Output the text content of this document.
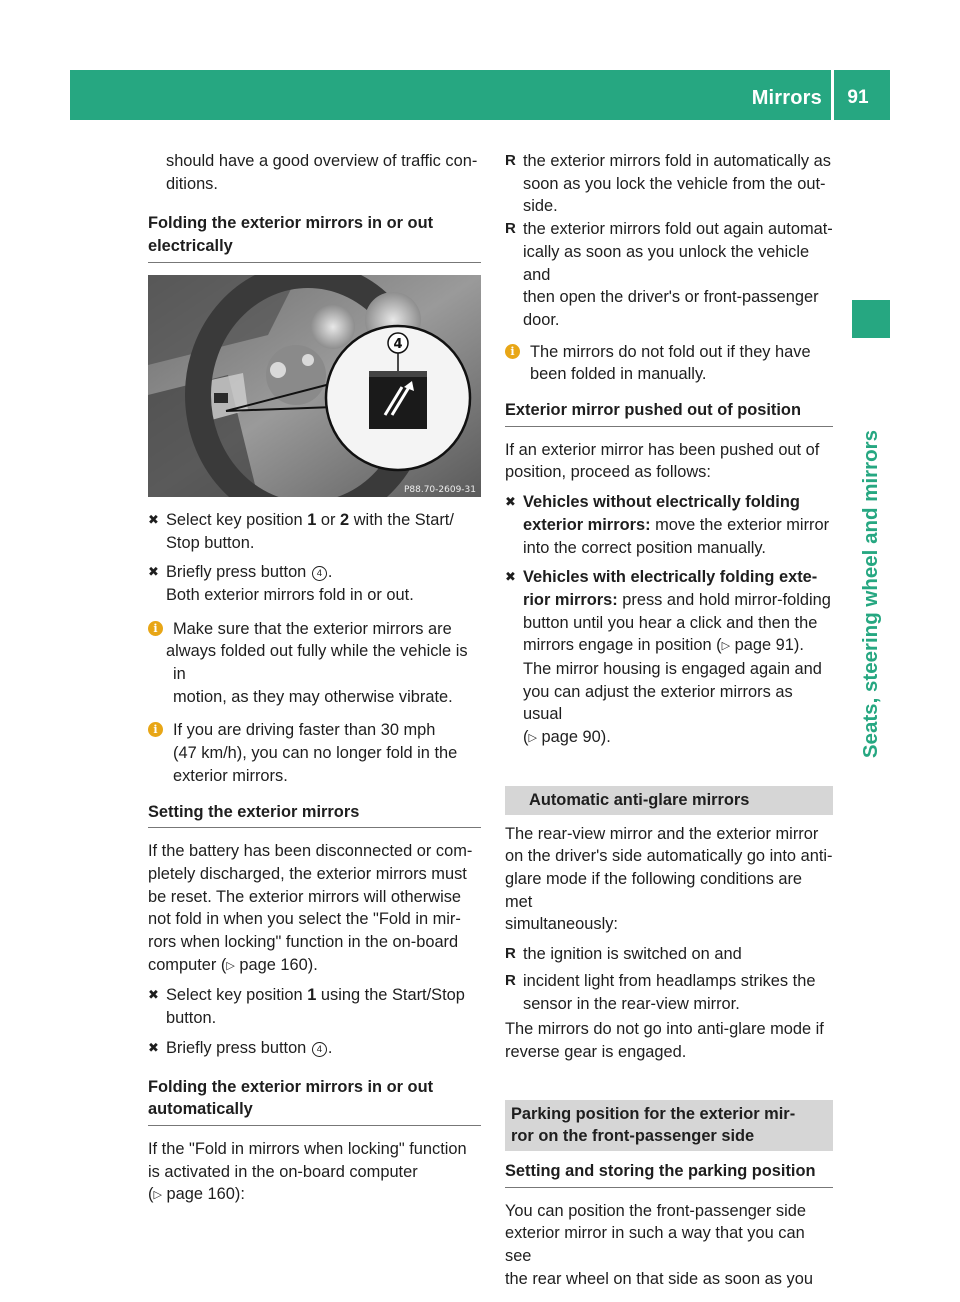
Mirrors	91
Seats, steering wheel and mirrors

should have a good overview of traffic con-
ditions.

Folding the exterior mirrors in or out
electrically
4
P88.70-2609-31
✖ Select key position 1 or 2 with the Start/
Stop button.
✖ Briefly press button 4 .
Both exterior mirrors fold in or out.
i Make sure that the exterior mirrors are
always folded out fully while the vehicle is in
motion, as they may otherwise vibrate.
i If you are driving faster than 30 mph
(47 km/h), you can no longer fold in the
exterior mirrors.
Setting the exterior mirrors

If the battery has been disconnected or com-
pletely discharged, the exterior mirrors must
be reset. The exterior mirrors will otherwise
not fold in when you select the "Fold in mir-
rors when locking" function in the on-board
computer (▷ page 160).

✖ Select key position 1 using the Start/Stop
button.
✖ Briefly press button 4 .
Folding the exterior mirrors in or out
automatically

If the "Fold in mirrors when locking" function
is activated in the on-board computer
(▷ page 160):

R the exterior mirrors fold in automatically as
soon as you lock the vehicle from the out-
side.
R the exterior mirrors fold out again automat-
ically as soon as you unlock the vehicle and
then open the driver's or front-passenger
door.
i The mirrors do not fold out if they have
been folded in manually.
Exterior mirror pushed out of position

If an exterior mirror has been pushed out of
position, proceed as follows:

✖ Vehicles without electrically folding
exterior mirrors: move the exterior mirror
into the correct position manually.
✖ Vehicles with electrically folding exte-
rior mirrors: press and hold mirror-folding
button until you hear a click and then the
mirrors engage in position (▷ page 91).
The mirror housing is engaged again and
you can adjust the exterior mirrors as usual
(▷ page 90).
Automatic anti-glare mirrors

The rear-view mirror and the exterior mirror
on the driver's side automatically go into anti-
glare mode if the following conditions are met
simultaneously:

R the ignition is switched on and
R incident light from headlamps strikes the
sensor in the rear-view mirror.

The mirrors do not go into anti-glare mode if
reverse gear is engaged.

Parking position for the exterior mir-
ror on the front-passenger side
Setting and storing the parking position

You can position the front-passenger side
exterior mirror in such a way that you can see
the rear wheel on that side as soon as you
